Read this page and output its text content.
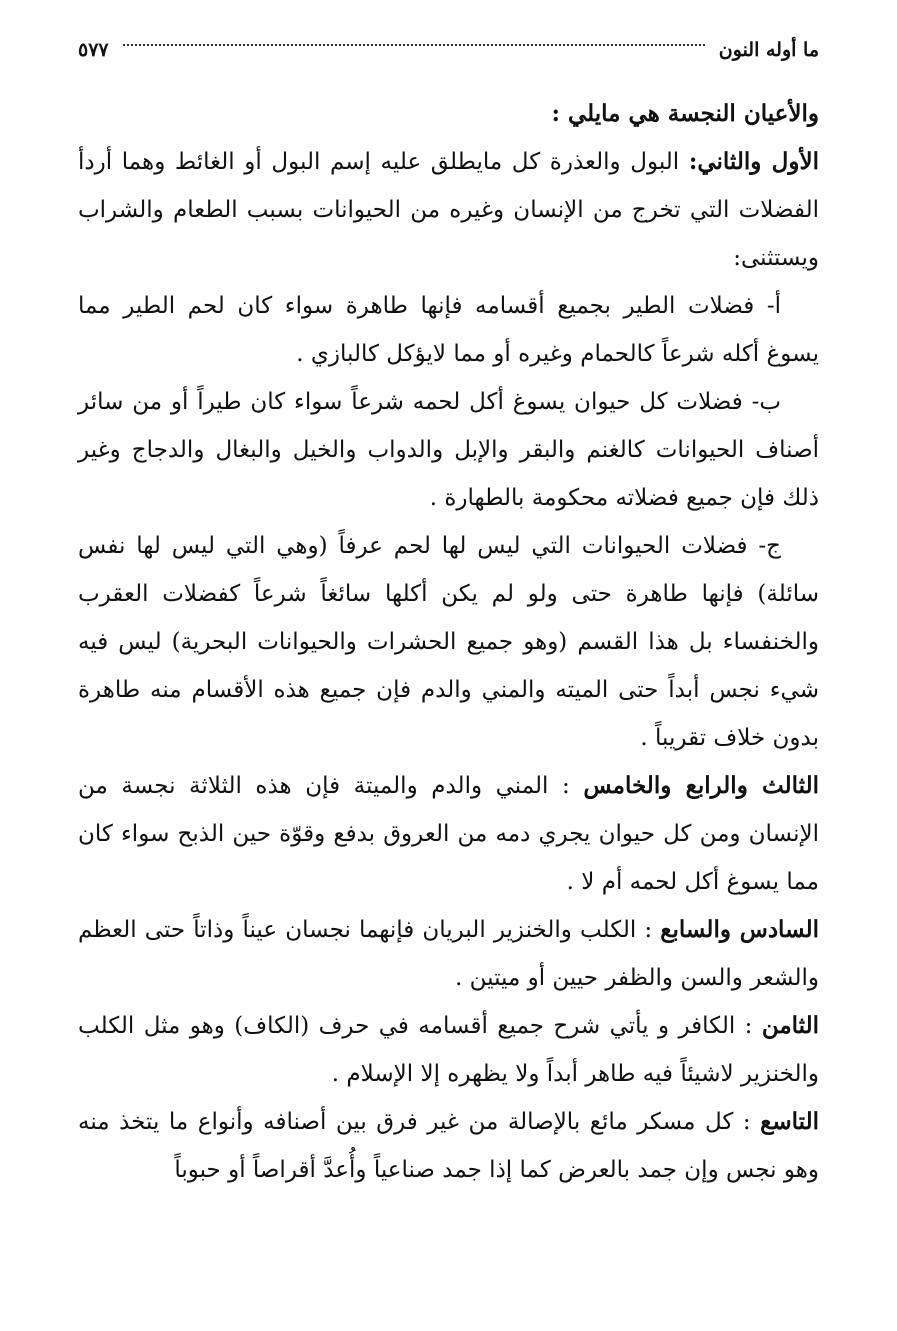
ما أوله النون
٥٧٧

والأعيان النجسة هي مايلي :

الأول والثاني: البول والعذرة كل مايطلق عليه إسم البول أو الغائط وهما أردأ الفضلات التي تخرج من الإنسان وغيره من الحيوانات بسبب الطعام والشراب ويستثنى:

أ- فضلات الطير بجميع أقسامه فإنها طاهرة سواء كان لحم الطير مما يسوغ أكله شرعاً كالحمام وغيره أو مما لايؤكل كالبازي .

ب- فضلات كل حيوان يسوغ أكل لحمه شرعاً سواء كان طيراً أو من سائر أصناف الحيوانات كالغنم والبقر والإبل والدواب والخيل والبغال والدجاج وغير ذلك فإن جميع فضلاته محكومة بالطهارة .

ج- فضلات الحيوانات التي ليس لها لحم عرفاً (وهي التي ليس لها نفس سائلة) فإنها طاهرة حتى ولو لم يكن أكلها سائغاً شرعاً كفضلات العقرب والخنفساء بل هذا القسم (وهو جميع الحشرات والحيوانات البحرية) ليس فيه شيء نجس أبداً حتى الميته والمني والدم فإن جميع هذه الأقسام منه طاهرة بدون خلاف تقريباً .

الثالث والرابع والخامس : المني والدم والميتة فإن هذه الثلاثة نجسة من الإنسان ومن كل حيوان يجري دمه من العروق بدفع وقوّة حين الذبح سواء كان مما يسوغ أكل لحمه أم لا .

السادس والسابع : الكلب والخنزير البريان فإنهما نجسان عيناً وذاتاً حتى العظم والشعر والسن والظفر حيين أو ميتين .

الثامن : الكافر و يأتي شرح جميع أقسامه في حرف (الكاف) وهو مثل الكلب والخنزير لاشيئاً فيه طاهر أبداً ولا يظهره إلا الإسلام .

التاسع : كل مسكر مائع بالإصالة من غير فرق بين أصنافه وأنواع ما يتخذ منه وهو نجس وإن جمد بالعرض كما إذا جمد صناعياً وأُعدَّ أقراصاً أو حبوباً
